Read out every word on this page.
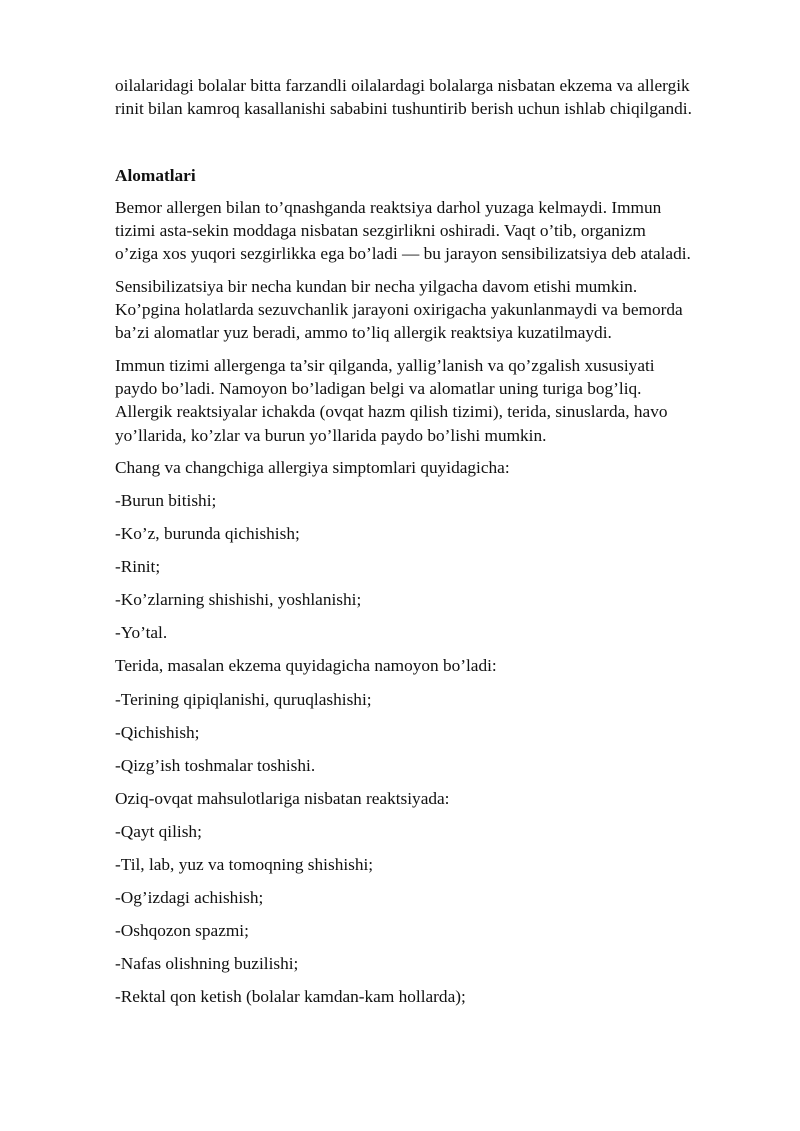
oilalaridagi bolalar bitta farzandli oilalardagi bolalarga nisbatan ekzema va allergik
rinit bilan kamroq kasallanishi sababini tushuntirib berish uchun ishlab chiqilgandi.

Alomatlari

Bemor allergen bilan to’qnashganda reaktsiya darhol yuzaga kelmaydi. Immun
tizimi asta-sekin moddaga nisbatan sezgirlikni oshiradi. Vaqt o’tib, organizm
o’ziga xos yuqori sezgirlikka ega bo’ladi — bu jarayon sensibilizatsiya deb ataladi.

Sensibilizatsiya bir necha kundan bir necha yilgacha davom etishi mumkin.
Ko’pgina holatlarda sezuvchanlik jarayoni oxirigacha yakunlanmaydi va bemorda
ba’zi alomatlar yuz beradi, ammo to’liq allergik reaktsiya kuzatilmaydi.

Immun tizimi allergenga ta’sir qilganda, yallig’lanish va qo’zgalish xususiyati
paydo bo’ladi. Namoyon bo’ladigan belgi va alomatlar uning turiga bog’liq.
Allergik reaktsiyalar ichakda (ovqat hazm qilish tizimi), terida, sinuslarda, havo
yo’llarida, ko’zlar va burun yo’llarida paydo bo’lishi mumkin.

Chang va changchiga allergiya simptomlari quyidagicha:

-Burun bitishi;

-Ko’z, burunda qichishish;

-Rinit;

-Ko’zlarning shishishi, yoshlanishi;

-Yo’tal.

Terida, masalan ekzema quyidagicha namoyon bo’ladi:

-Terining qipiqlanishi, quruqlashishi;

-Qichishish;

-Qizg’ish toshmalar toshishi.

Oziq-ovqat mahsulotlariga nisbatan reaktsiyada:

-Qayt qilish;

-Til, lab, yuz va tomoqning shishishi;

-Og’izdagi achishish;

-Oshqozon spazmi;

-Nafas olishning buzilishi;

-Rektal qon ketish (bolalar kamdan-kam hollarda);
